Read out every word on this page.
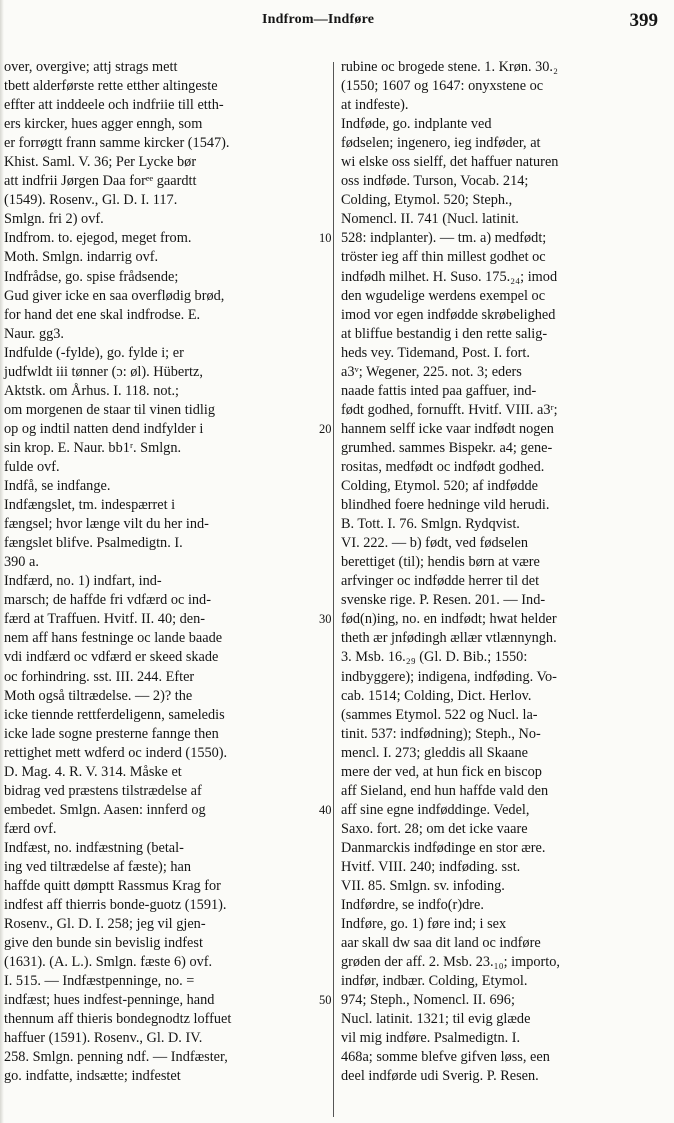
Indfrom—Indføre	399
over, overgive; attj strags mett
tbett alderførste rette etther altingeste
effter att inddeele och indfriie till etth-
ers kircker, hues agger enngh, som
er forrøgtt frann samme kircker (1547).
Khist. Saml. V. 36; Per Lycke bør
att indfrii Jørgen Daa forᵉᵉ gaardtt
(1549). Rosenv., Gl. D. I. 117.
Smlgn. fri 2) ovf.
Indfrom. to. ejegod, meget from.
Moth. Smlgn. indarrig ovf.
Indfrådse, go. spise frådsende;
Gud giver icke en saa overflødig brød,
for hand det ene skal indfrodse. E.
Naur. gg3.
Indfulde (-fylde), go. fylde i; er
judfwldt iii tønner (ɔ: øl). Hübertz,
Aktstk. om Århus. I. 118. not.;
om morgenen de staar til vinen tidlig
op og indtil natten dend indfylder i
sin krop. E. Naur. bb1ʳ. Smlgn.
fulde ovf.
Indfå, se indfange.
Indfængslet, tm. indespærret i
fængsel; hvor længe vilt du her ind-
fængslet blifve. Psalmedigtn. I.
390 a.
Indfærd, no. 1) indfart, ind-
marsch; de haffde fri vdfærd oc ind-
færd at Traffuen. Hvitf. II. 40; den-
nem aff hans festninge oc lande baade
vdi indfærd oc vdfærd er skeed skade
oc forhindring. sst. III. 244. Efter
Moth også tiltrædelse. — 2)? the
icke tiennde rettferdeligenn, sameledis
icke lade sogne presterne fannge then
rettighet mett wdferd oc inderd (1550).
D. Mag. 4. R. V. 314. Måske et
bidrag ved præstens tilstrædelse af
embedet. Smlgn. Aasen: innferd og
færd ovf.
Indfæst, no. indfæstning (betal-
ing ved tiltrædelse af fæste); han
haffde quitt dømptt Rassmus Krag for
indfest aff thierris bonde-guotz (1591).
Rosenv., Gl. D. I. 258; jeg vil gjen-
give den bunde sin bevislig indfest
(1631). (A. L.). Smlgn. fæste 6) ovf.
I. 515. — Indfæstpenninge, no. =
indfæst; hues indfest-penninge, hand
thennum aff thieris bondegnodtz loffuet
haffuer (1591). Rosenv., Gl. D. IV.
258. Smlgn. penning ndf. — Indfæster,
go. indfatte, indsætte; indfestet
10
20
30
40
50
rubine oc brogede stene. 1. Krøn. 30.₂
(1550; 1607 og 1647: onyxstene oc
at indfeste).
Indføde, go. indplante ved
fødselen; ingenero, ieg indføder, at
wi elske oss sielff, det haffuer naturen
oss indføde. Turson, Vocab. 214;
Colding, Etymol. 520; Steph.,
Nomencl. II. 741 (Nucl. latinit.
528: indplanter). — tm. a) medfødt;
tröster ieg aff thin millest godhet oc
indfødh milhet. H. Suso. 175.₂₄; imod
den wgudelige werdens exempel oc
imod vor egen indfødde skrøbelighed
at bliffue bestandig i den rette salig-
heds vey. Tidemand, Post. I. fort.
a3ᵛ; Wegener, 225. not. 3; eders
naade fattis inted paa gaffuer, ind-
født godhed, fornufft. Hvitf. VIII. a3ʳ;
hannem selff icke vaar indfødt nogen
grumhed. sammes Bispekr. a4; gene-
rositas, medfødt oc indfødt godhed.
Colding, Etymol. 520; af indfødde
blindhed foere hedninge vild herudi.
B. Tott. I. 76. Smlgn. Rydqvist.
VI. 222. — b) født, ved fødselen
berettiget (til); hendis børn at være
arfvinger oc indfødde herrer til det
svenske rige. P. Resen. 201. — Ind-
fød(n)ing, no. en indfødt; hwat helder
theth ær jnfødingh ællær vtlænnyngh.
3. Msb. 16.₂₉ (Gl. D. Bib.; 1550:
indbyggere); indigena, indføding. Vo-
cab. 1514; Colding, Dict. Herlov.
(sammes Etymol. 522 og Nucl. la-
tinit. 537: indfødning); Steph., No-
mencl. I. 273; gleddis all Skaane
mere der ved, at hun fick en biscop
aff Sieland, end hun haffde vald den
aff sine egne indføddinge. Vedel,
Saxo. fort. 28; om det icke vaare
Danmarckis indfødinge en stor ære.
Hvitf. VIII. 240; indføding. sst.
VII. 85. Smlgn. sv. infoding.
Indførdre, se indfo(r)dre.
Indføre, go. 1) føre ind; i sex
aar skall dw saa dit land oc indføre
grøden der aff. 2. Msb. 23.₁₀; importo,
indfør, indbær. Colding, Etymol.
974; Steph., Nomencl. II. 696;
Nucl. latinit. 1321; til evig glæde
vil mig indføre. Psalmedigtn. I.
468a; somme blefve gifven løss, een
deel indførde udi Sverig. P. Resen.
